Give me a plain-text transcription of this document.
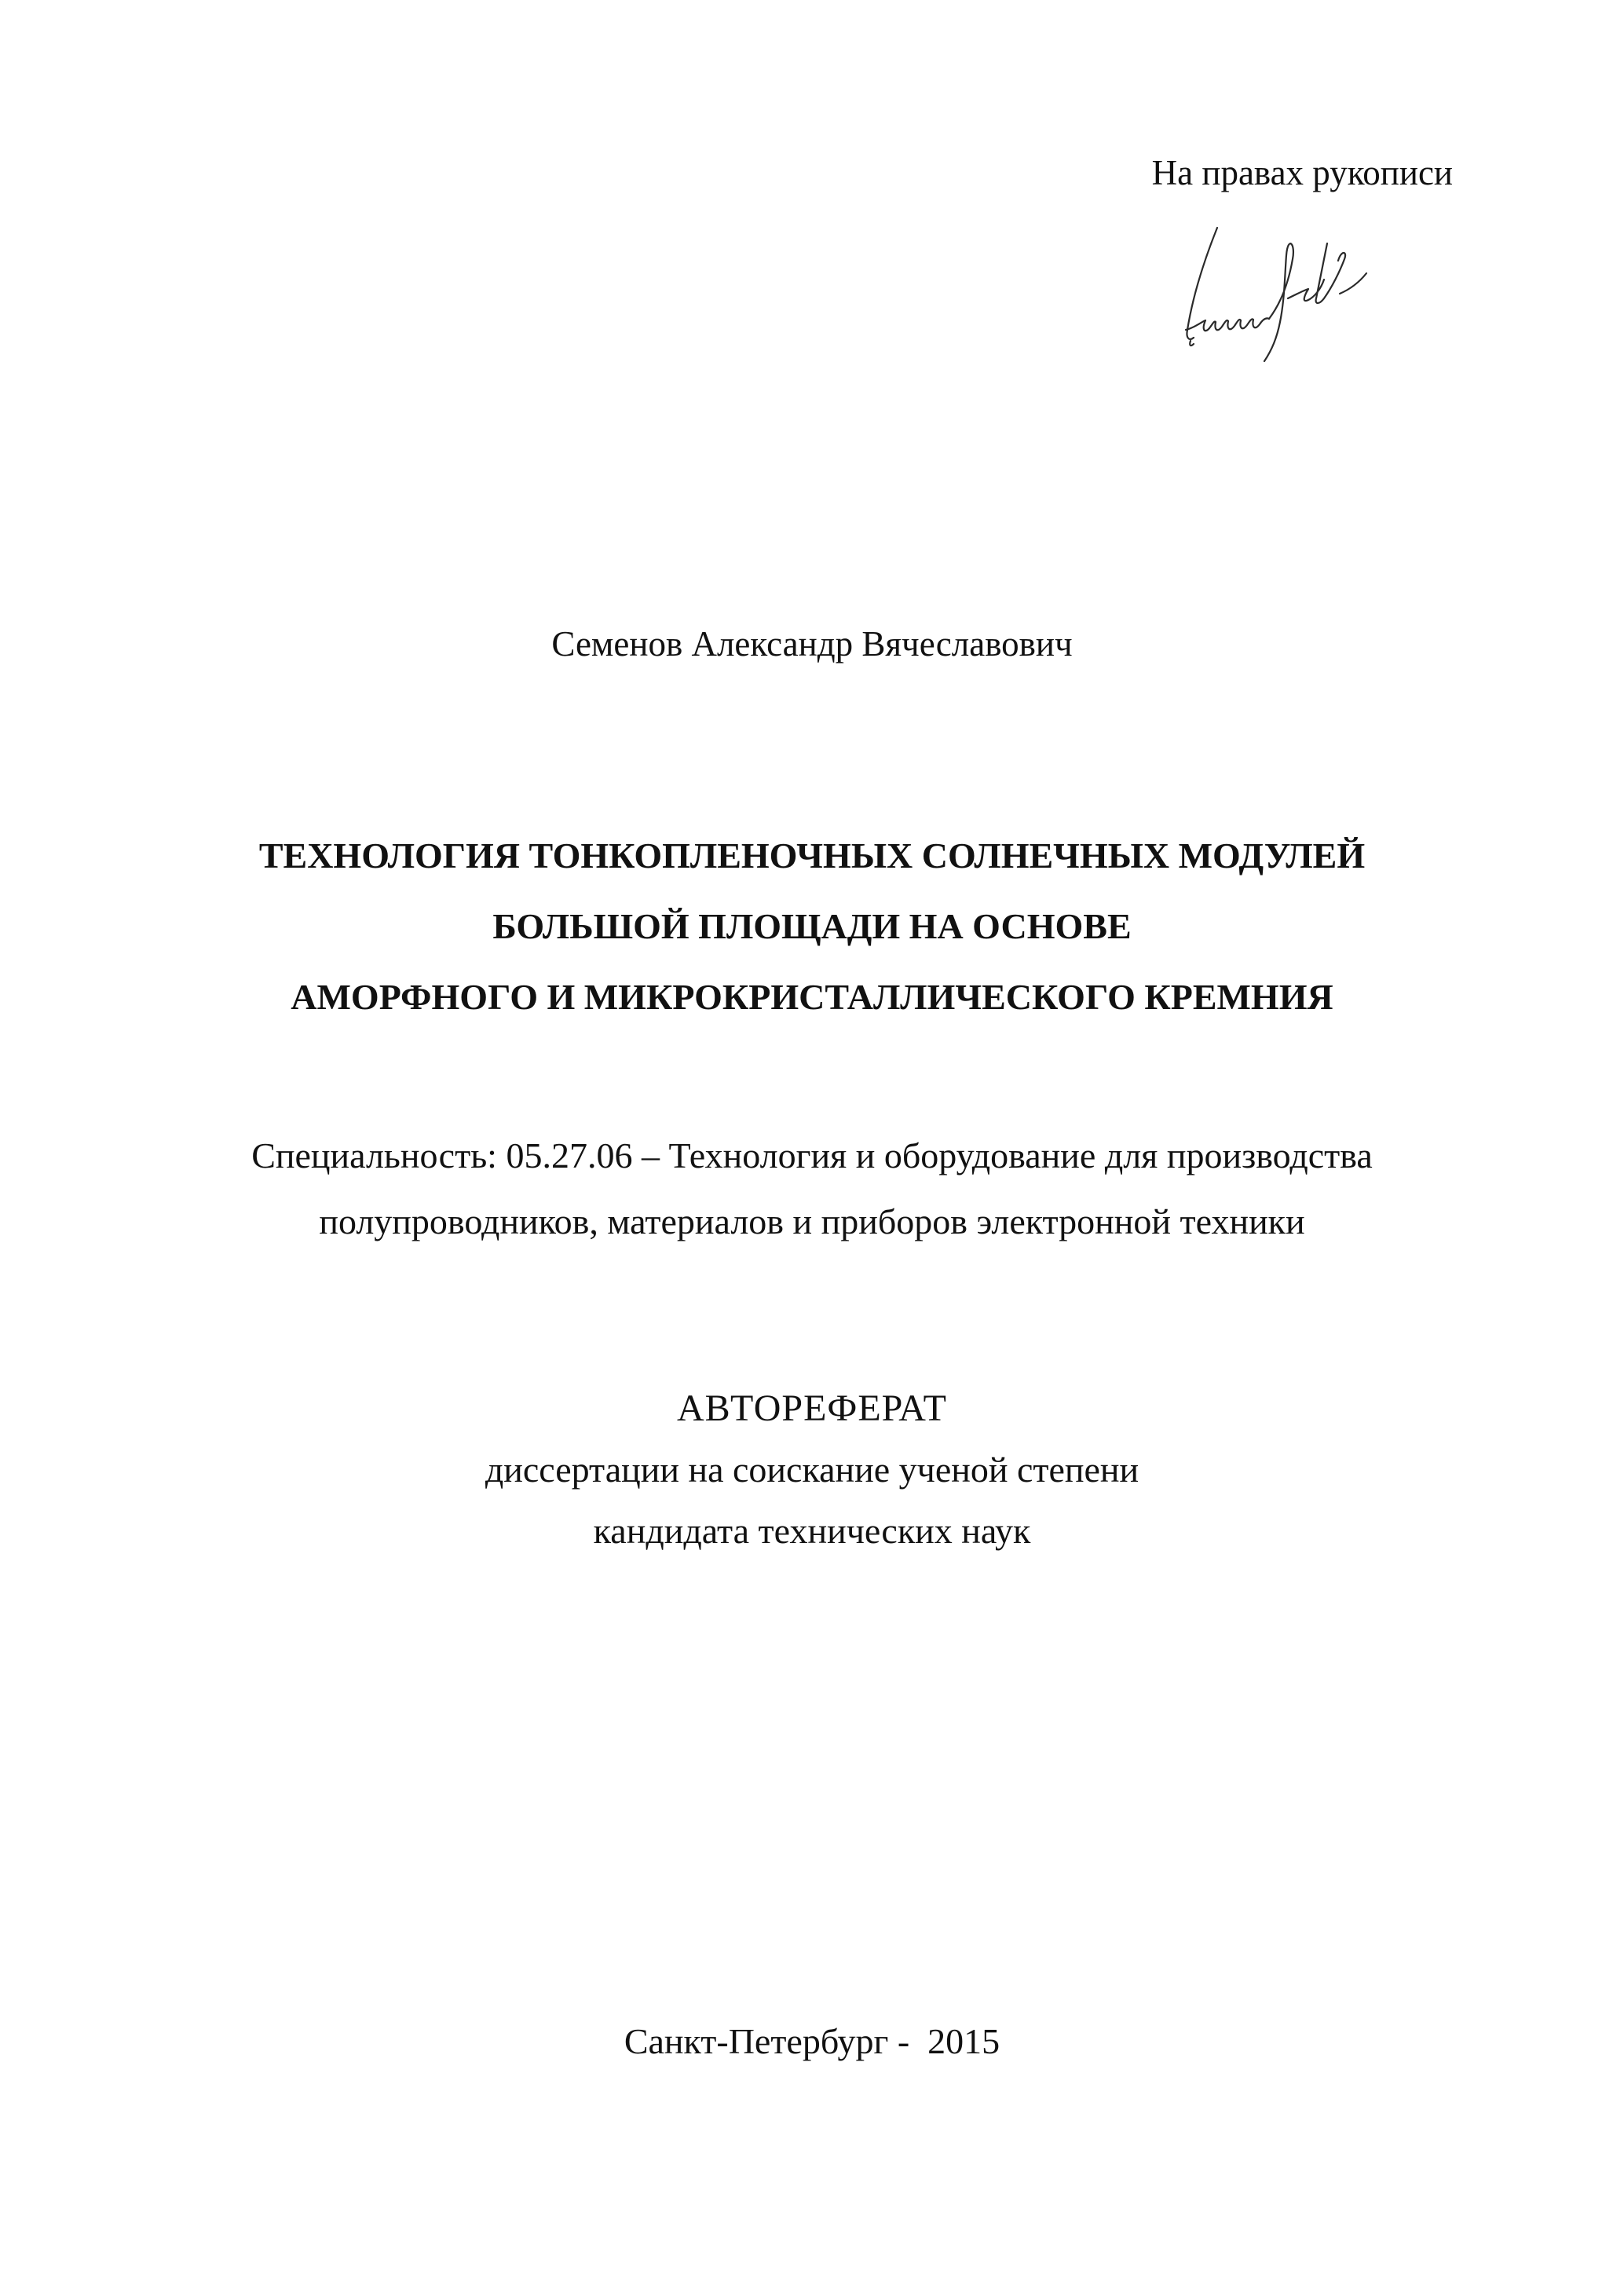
На правах рукописи
Семенов Александр Вячеславович
ТЕХНОЛОГИЯ ТОНКОПЛЕНОЧНЫХ СОЛНЕЧНЫХ МОДУЛЕЙ
БОЛЬШОЙ ПЛОЩАДИ НА ОСНОВЕ
АМОРФНОГО И МИКРОКРИСТАЛЛИЧЕСКОГО КРЕМНИЯ
Специальность: 05.27.06 – Технология и оборудование для производства
полупроводников, материалов и приборов электронной техники
АВТОРЕФЕРАТ
диссертации на соискание ученой степени
кандидата технических наук
Санкт-Петербург -  2015
